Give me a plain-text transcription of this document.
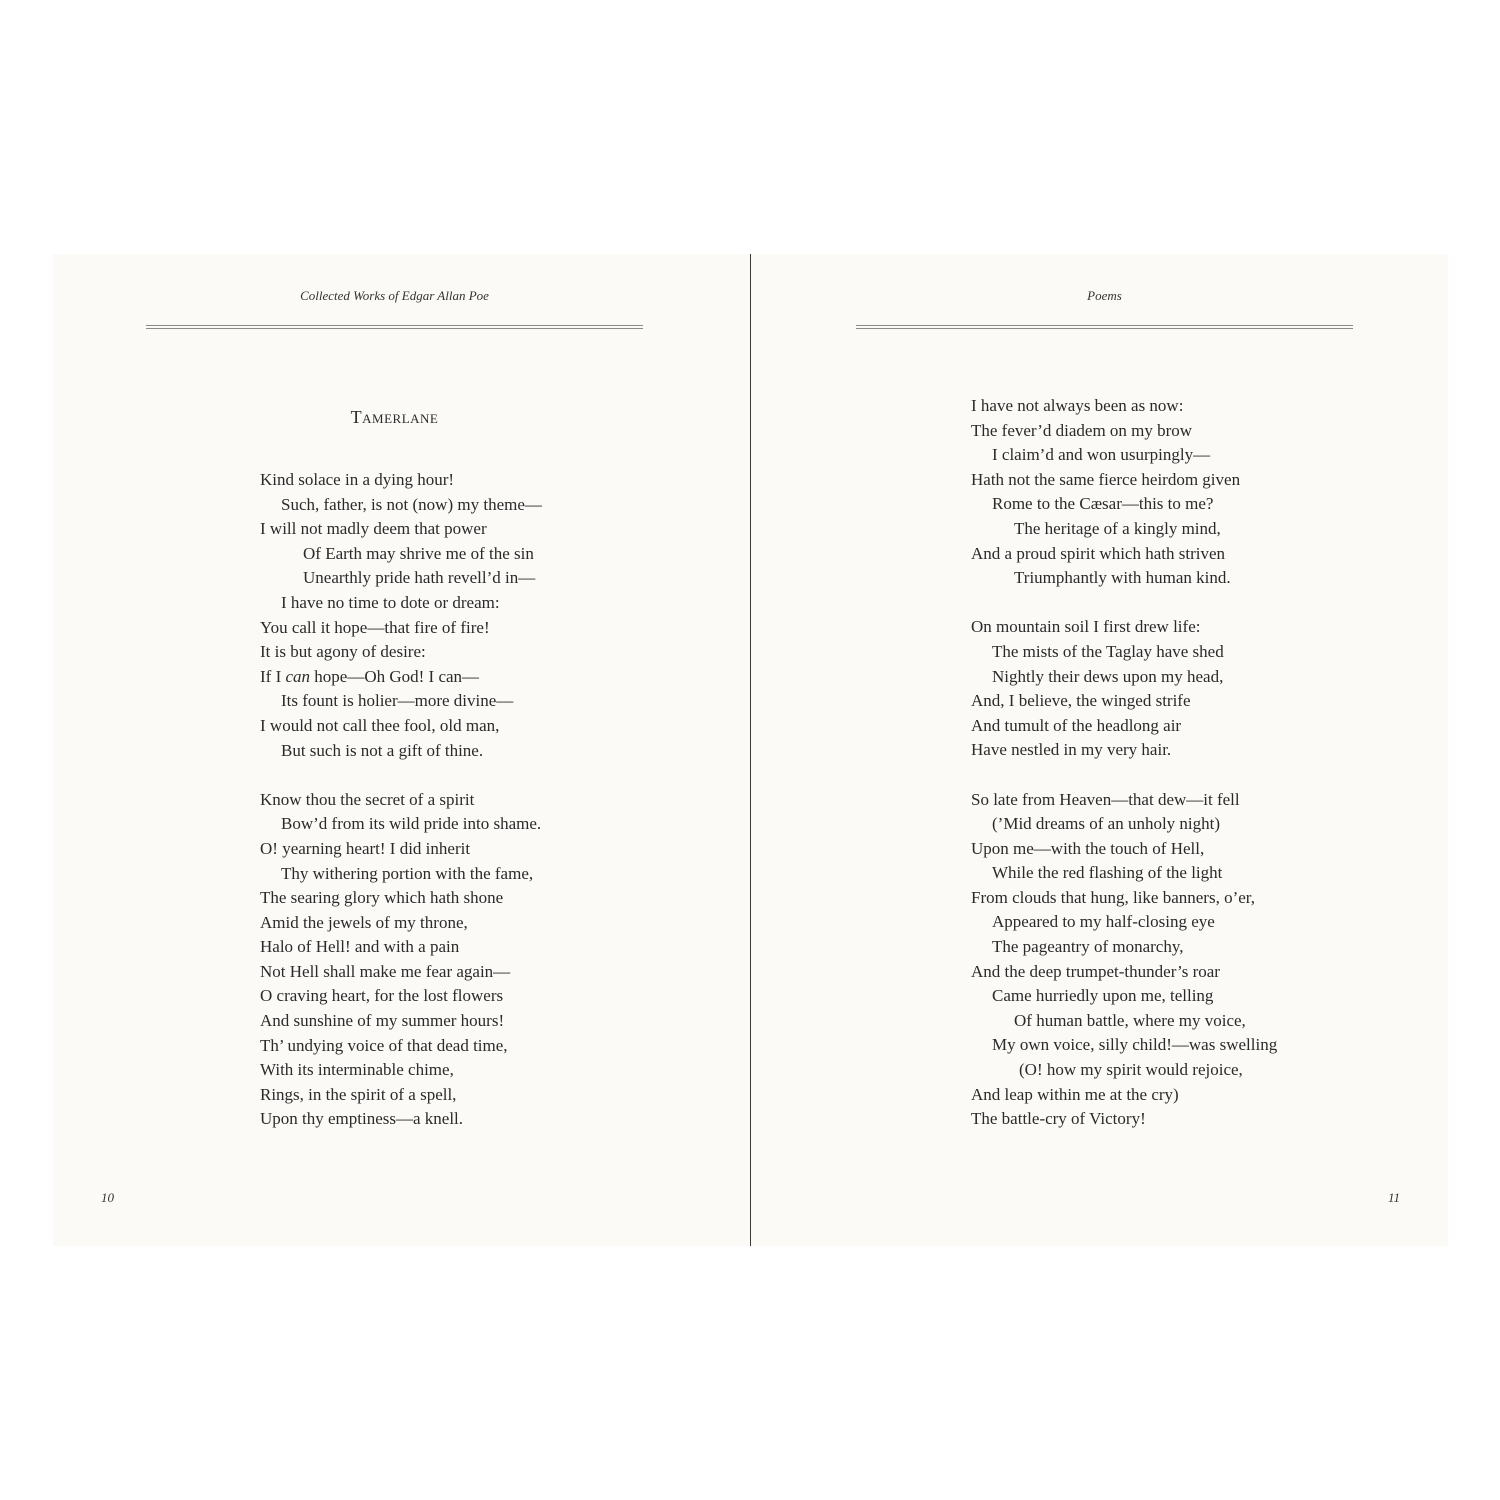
Collected Works of Edgar Allan Poe
Tamerlane
Kind solace in a dying hour!
Such, father, is not (now) my theme—
I will not madly deem that power
Of Earth may shrive me of the sin
Unearthly pride hath revell’d in—
I have no time to dote or dream:
You call it hope—that fire of fire!
It is but agony of desire:
If I can hope—Oh God! I can—
Its fount is holier—more divine—
I would not call thee fool, old man,
But such is not a gift of thine.
Know thou the secret of a spirit
Bow’d from its wild pride into shame.
O! yearning heart! I did inherit
Thy withering portion with the fame,
The searing glory which hath shone
Amid the jewels of my throne,
Halo of Hell! and with a pain
Not Hell shall make me fear again—
O craving heart, for the lost flowers
And sunshine of my summer hours!
Th’ undying voice of that dead time,
With its interminable chime,
Rings, in the spirit of a spell,
Upon thy emptiness—a knell.
10
Poems
I have not always been as now:
The fever’d diadem on my brow
I claim’d and won usurpingly—
Hath not the same fierce heirdom given
Rome to the Cæsar—this to me?
The heritage of a kingly mind,
And a proud spirit which hath striven
Triumphantly with human kind.
On mountain soil I first drew life:
The mists of the Taglay have shed
Nightly their dews upon my head,
And, I believe, the winged strife
And tumult of the headlong air
Have nestled in my very hair.
So late from Heaven—that dew—it fell
(’Mid dreams of an unholy night)
Upon me—with the touch of Hell,
While the red flashing of the light
From clouds that hung, like banners, o’er,
Appeared to my half-closing eye
The pageantry of monarchy,
And the deep trumpet-thunder’s roar
Came hurriedly upon me, telling
Of human battle, where my voice,
My own voice, silly child!—was swelling
(O! how my spirit would rejoice,
And leap within me at the cry)
The battle-cry of Victory!
11
